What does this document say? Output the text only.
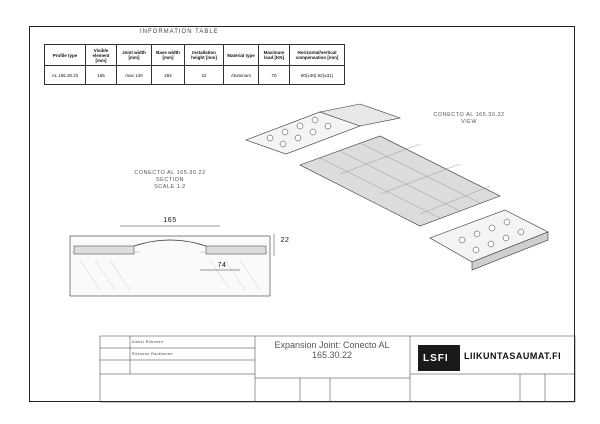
INFORMATION TABLE
Profile type	Visible element [mm]	Joint width [mm]	Base width [mm]	Installation height [mm]	Material type	Maximum load [KN]	Horizontal/vertical compensation [mm]
AL 165.30.22	165	max 140	284	22	Aluminum	70	80(±30) 62(±31)
CONECTO AL 165.30.22
VIEW
CONECTO AL 165.30.22
SECTION
SCALE 1:2
165
22
74
Aleksi Riikonen
Riikonen Rautiainen
Expansion Joint: Conecto AL
165.30.22	LSFI LIIKUNTASAUMAT.FI
